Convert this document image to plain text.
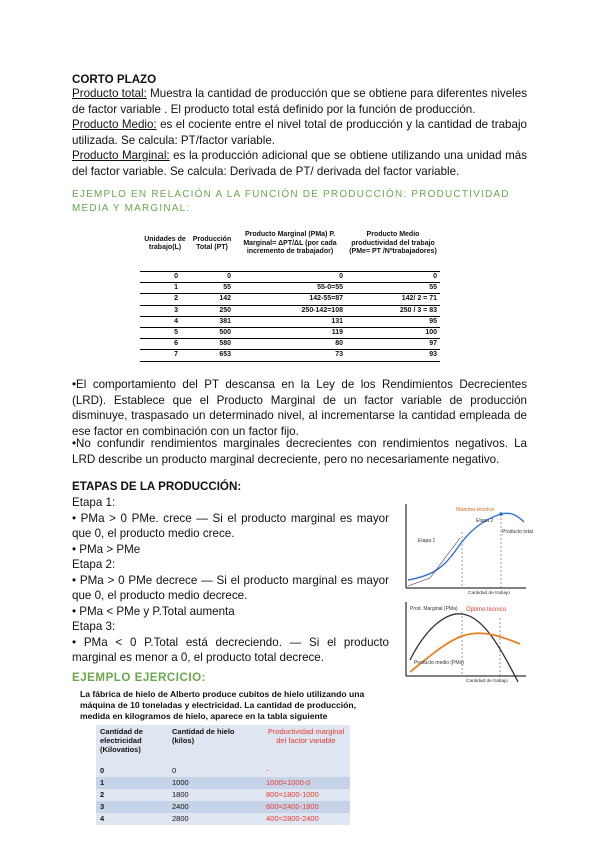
CORTO PLAZO
Producto total: Muestra la cantidad de producción que se obtiene para diferentes niveles de factor variable . El producto total está definido por la función de producción.
Producto Medio: es el cociente entre el nivel total de producción y la cantidad de trabajo utilizada. Se calcula: PT/factor variable.
Producto Marginal: es la producción adicional que se obtiene utilizando una unidad más del factor variable. Se calcula: Derivada de PT/ derivada del factor variable.
EJEMPLO EN RELACIÓN A LA FUNCIÓN DE PRODUCCIÓN: PRODUCTIVIDAD MEDIA Y MARGINAL:
Unidades de trabajo(L)	Producción Total (PT)	Producto Marginal (PMa) P. Marginal= ΔPT/ΔL (por cada incremento de trabajador)	Producto Medio productividad del trabajo (PMe= PT /Nºtrabajadores)
0	0	0	0
1	55	55-0=55	55
2	142	142-55=87	142/ 2 = 71
3	250	250-142=108	250 / 3 = 83
4	381	131	95
5	500	119	100
6	580	80	97
7	653	73	93
•El comportamiento del PT descansa en la Ley de los Rendimientos Decrecientes (LRD). Establece que el Producto Marginal de un factor variable de producción disminuye, traspasado un determinado nivel, al incrementarse la cantidad empleada de ese factor en combinación con un factor fijo.
•No confundir rendimientos marginales decrecientes con rendimientos negativos. La LRD describe un producto marginal decreciente, pero no necesariamente negativo.
ETAPAS DE LA PRODUCCIÓN:
Etapa 1:
• PMa > 0 PMe. crece — Si el producto marginal es mayor que 0, el producto medio crece.
• PMa > PMe
Etapa 2:
• PMa > 0 PMe decrece — Si el producto marginal es mayor que 0, el producto medio decrece.
• PMa < PMe y P.Total aumenta
Etapa 3:
• PMa < 0 P.Total está decreciendo. — Si el producto marginal es menor a 0, el producto total decrece.
Máximo técnico
Etapa 2
Etapa 1
Producto total
Cantidad de trabajo
Prod. Marginal (PMa) Óptimo técnico
Producto medio (PMe)
Cantidad de trabajo
EJEMPLO EJERCICIO:
La fábrica de hielo de Alberto produce cubitos de hielo utilizando una máquina de 10 toneladas y electricidad. La cantidad de producción, medida en kilogramos de hielo, aparece en la tabla siguiente
Cantidad de electricidad (Kilovatios)	Cantidad de hielo (kilos)	Productividad marginal del factor variable
0	0	-
1	1000	1000=1000-0
2	1800	800=1800-1000
3	2400	600=2400-1800
4	2800	400=2800-2400
